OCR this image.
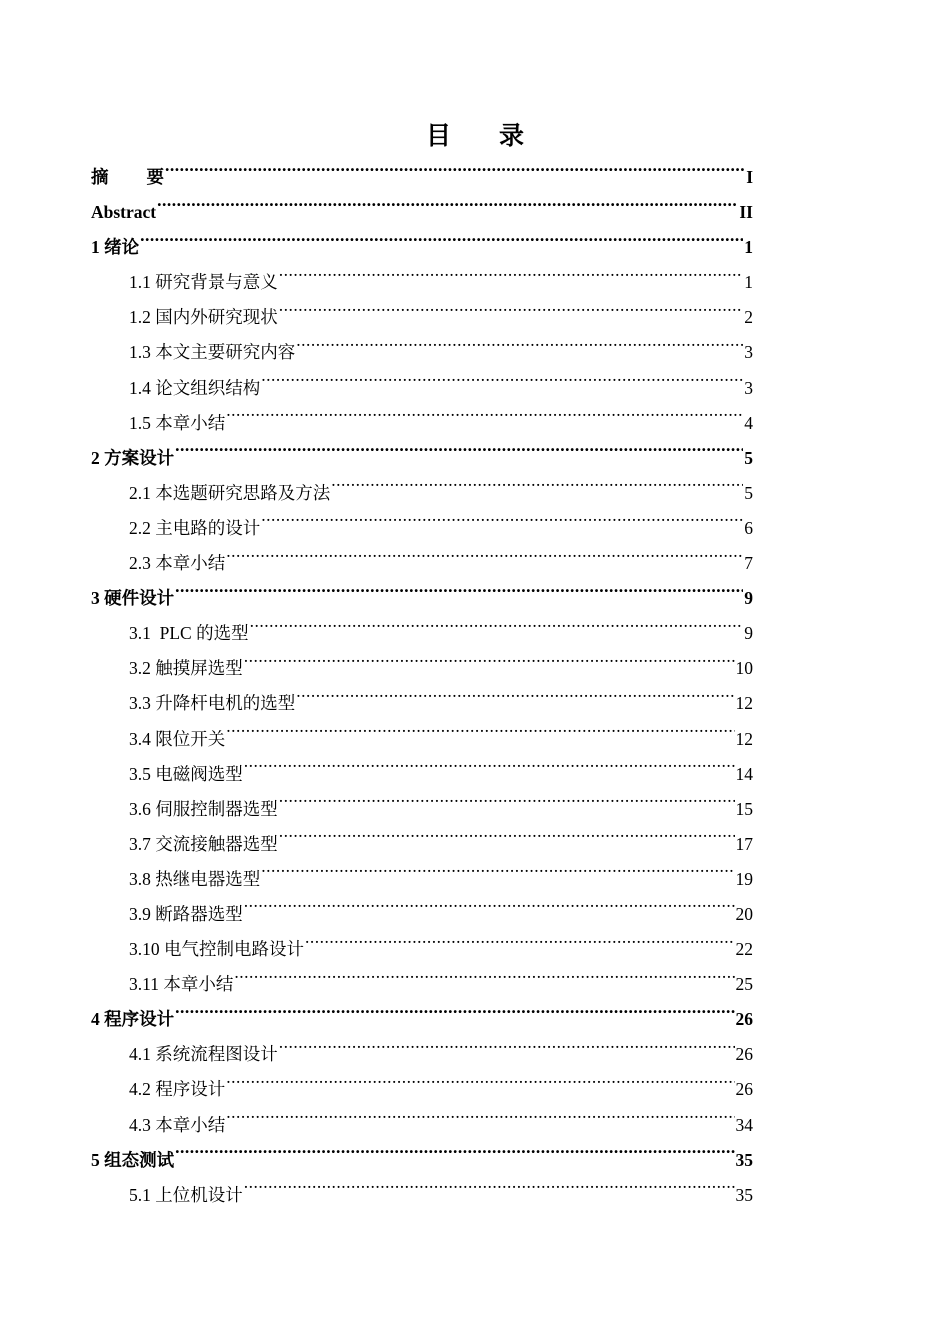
目 录
摘 要 .....	I
Abstract .....	II
1 绪论 .....	1
1.1 研究背景与意义 .....	1
1.2 国内外研究现状 .....	2
1.3 本文主要研究内容 .....	3
1.4 论文组织结构 .....	3
1.5 本章小结 .....	4
2 方案设计 .....	5
2.1 本选题研究思路及方法 .....	5
2.2 主电路的设计 .....	6
2.3 本章小结 .....	7
3 硬件设计 .....	9
3.1  PLC 的选型 .....	9
3.2 触摸屏选型 .....	10
3.3 升降杆电机的选型 .....	12
3.4 限位开关 .....	12
3.5 电磁阀选型 .....	14
3.6 伺服控制器选型 .....	15
3.7 交流接触器选型 .....	17
3.8 热继电器选型 .....	19
3.9 断路器选型 .....	20
3.10 电气控制电路设计 .....	22
3.11 本章小结 .....	25
4 程序设计 .....	26
4.1 系统流程图设计 .....	26
4.2 程序设计 .....	26
4.3 本章小结 .....	34
5 组态测试 .....	35
5.1 上位机设计 .....	35
